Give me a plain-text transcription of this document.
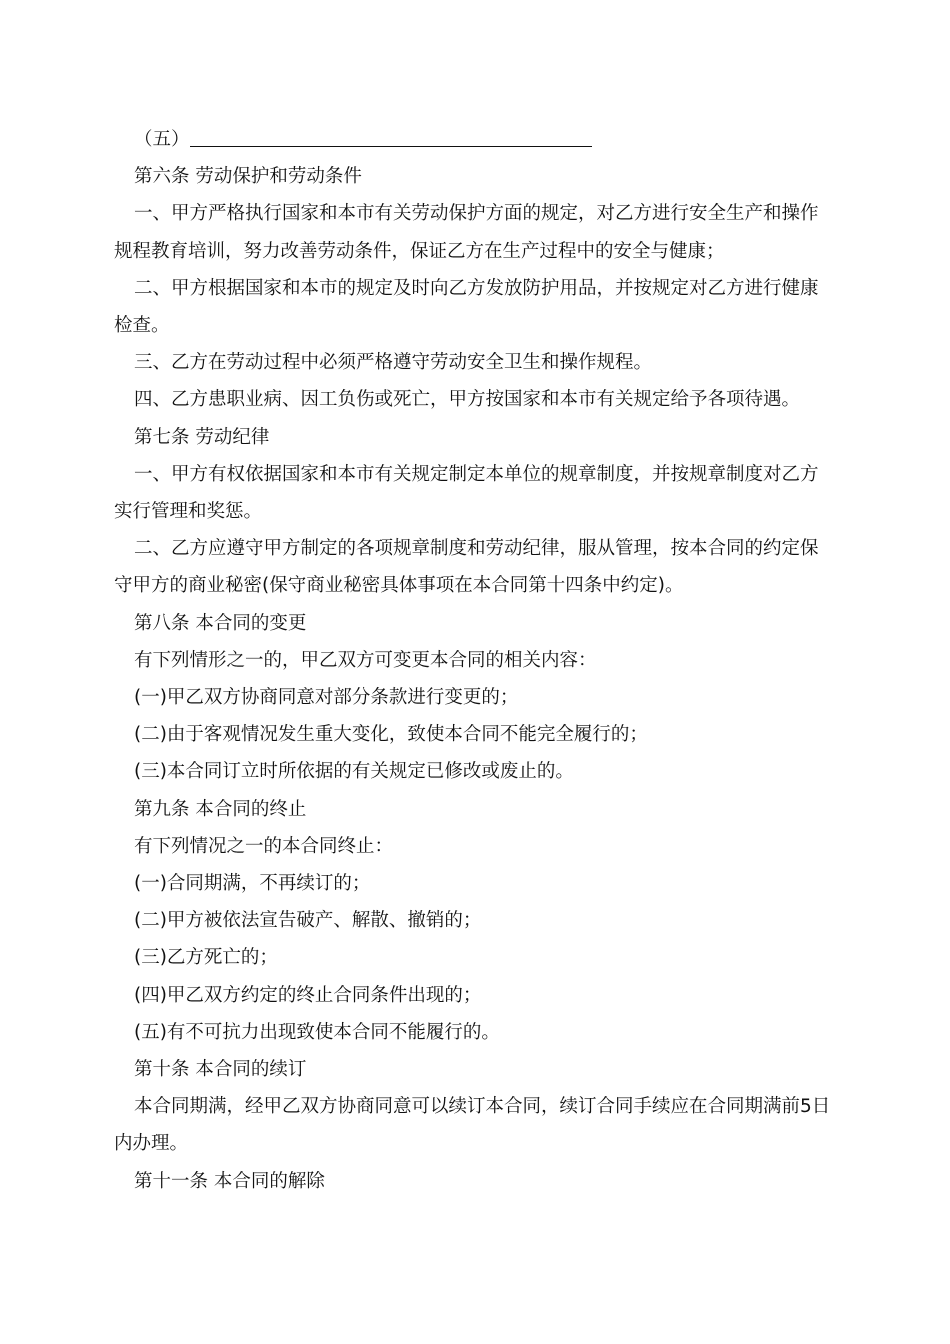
（五）

第六条 劳动保护和劳动条件

一、甲方严格执行国家和本市有关劳动保护方面的规定，对乙方进行安全生产和操作规程教育培训，努力改善劳动条件，保证乙方在生产过程中的安全与健康；

二、甲方根据国家和本市的规定及时向乙方发放防护用品，并按规定对乙方进行健康检查。

三、乙方在劳动过程中必须严格遵守劳动安全卫生和操作规程。

四、乙方患职业病、因工负伤或死亡，甲方按国家和本市有关规定给予各项待遇。

第七条 劳动纪律

一、甲方有权依据国家和本市有关规定制定本单位的规章制度，并按规章制度对乙方实行管理和奖惩。

二、乙方应遵守甲方制定的各项规章制度和劳动纪律，服从管理，按本合同的约定保守甲方的商业秘密(保守商业秘密具体事项在本合同第十四条中约定)。

第八条 本合同的变更

有下列情形之一的，甲乙双方可变更本合同的相关内容：

(一)甲乙双方协商同意对部分条款进行变更的；

(二)由于客观情况发生重大变化，致使本合同不能完全履行的；

(三)本合同订立时所依据的有关规定已修改或废止的。

第九条 本合同的终止

有下列情况之一的本合同终止：

(一)合同期满，不再续订的；

(二)甲方被依法宣告破产、解散、撤销的；

(三)乙方死亡的；

(四)甲乙双方约定的终止合同条件出现的；

(五)有不可抗力出现致使本合同不能履行的。

第十条 本合同的续订

本合同期满，经甲乙双方协商同意可以续订本合同，续订合同手续应在合同期满前5日内办理。

第十一条 本合同的解除
